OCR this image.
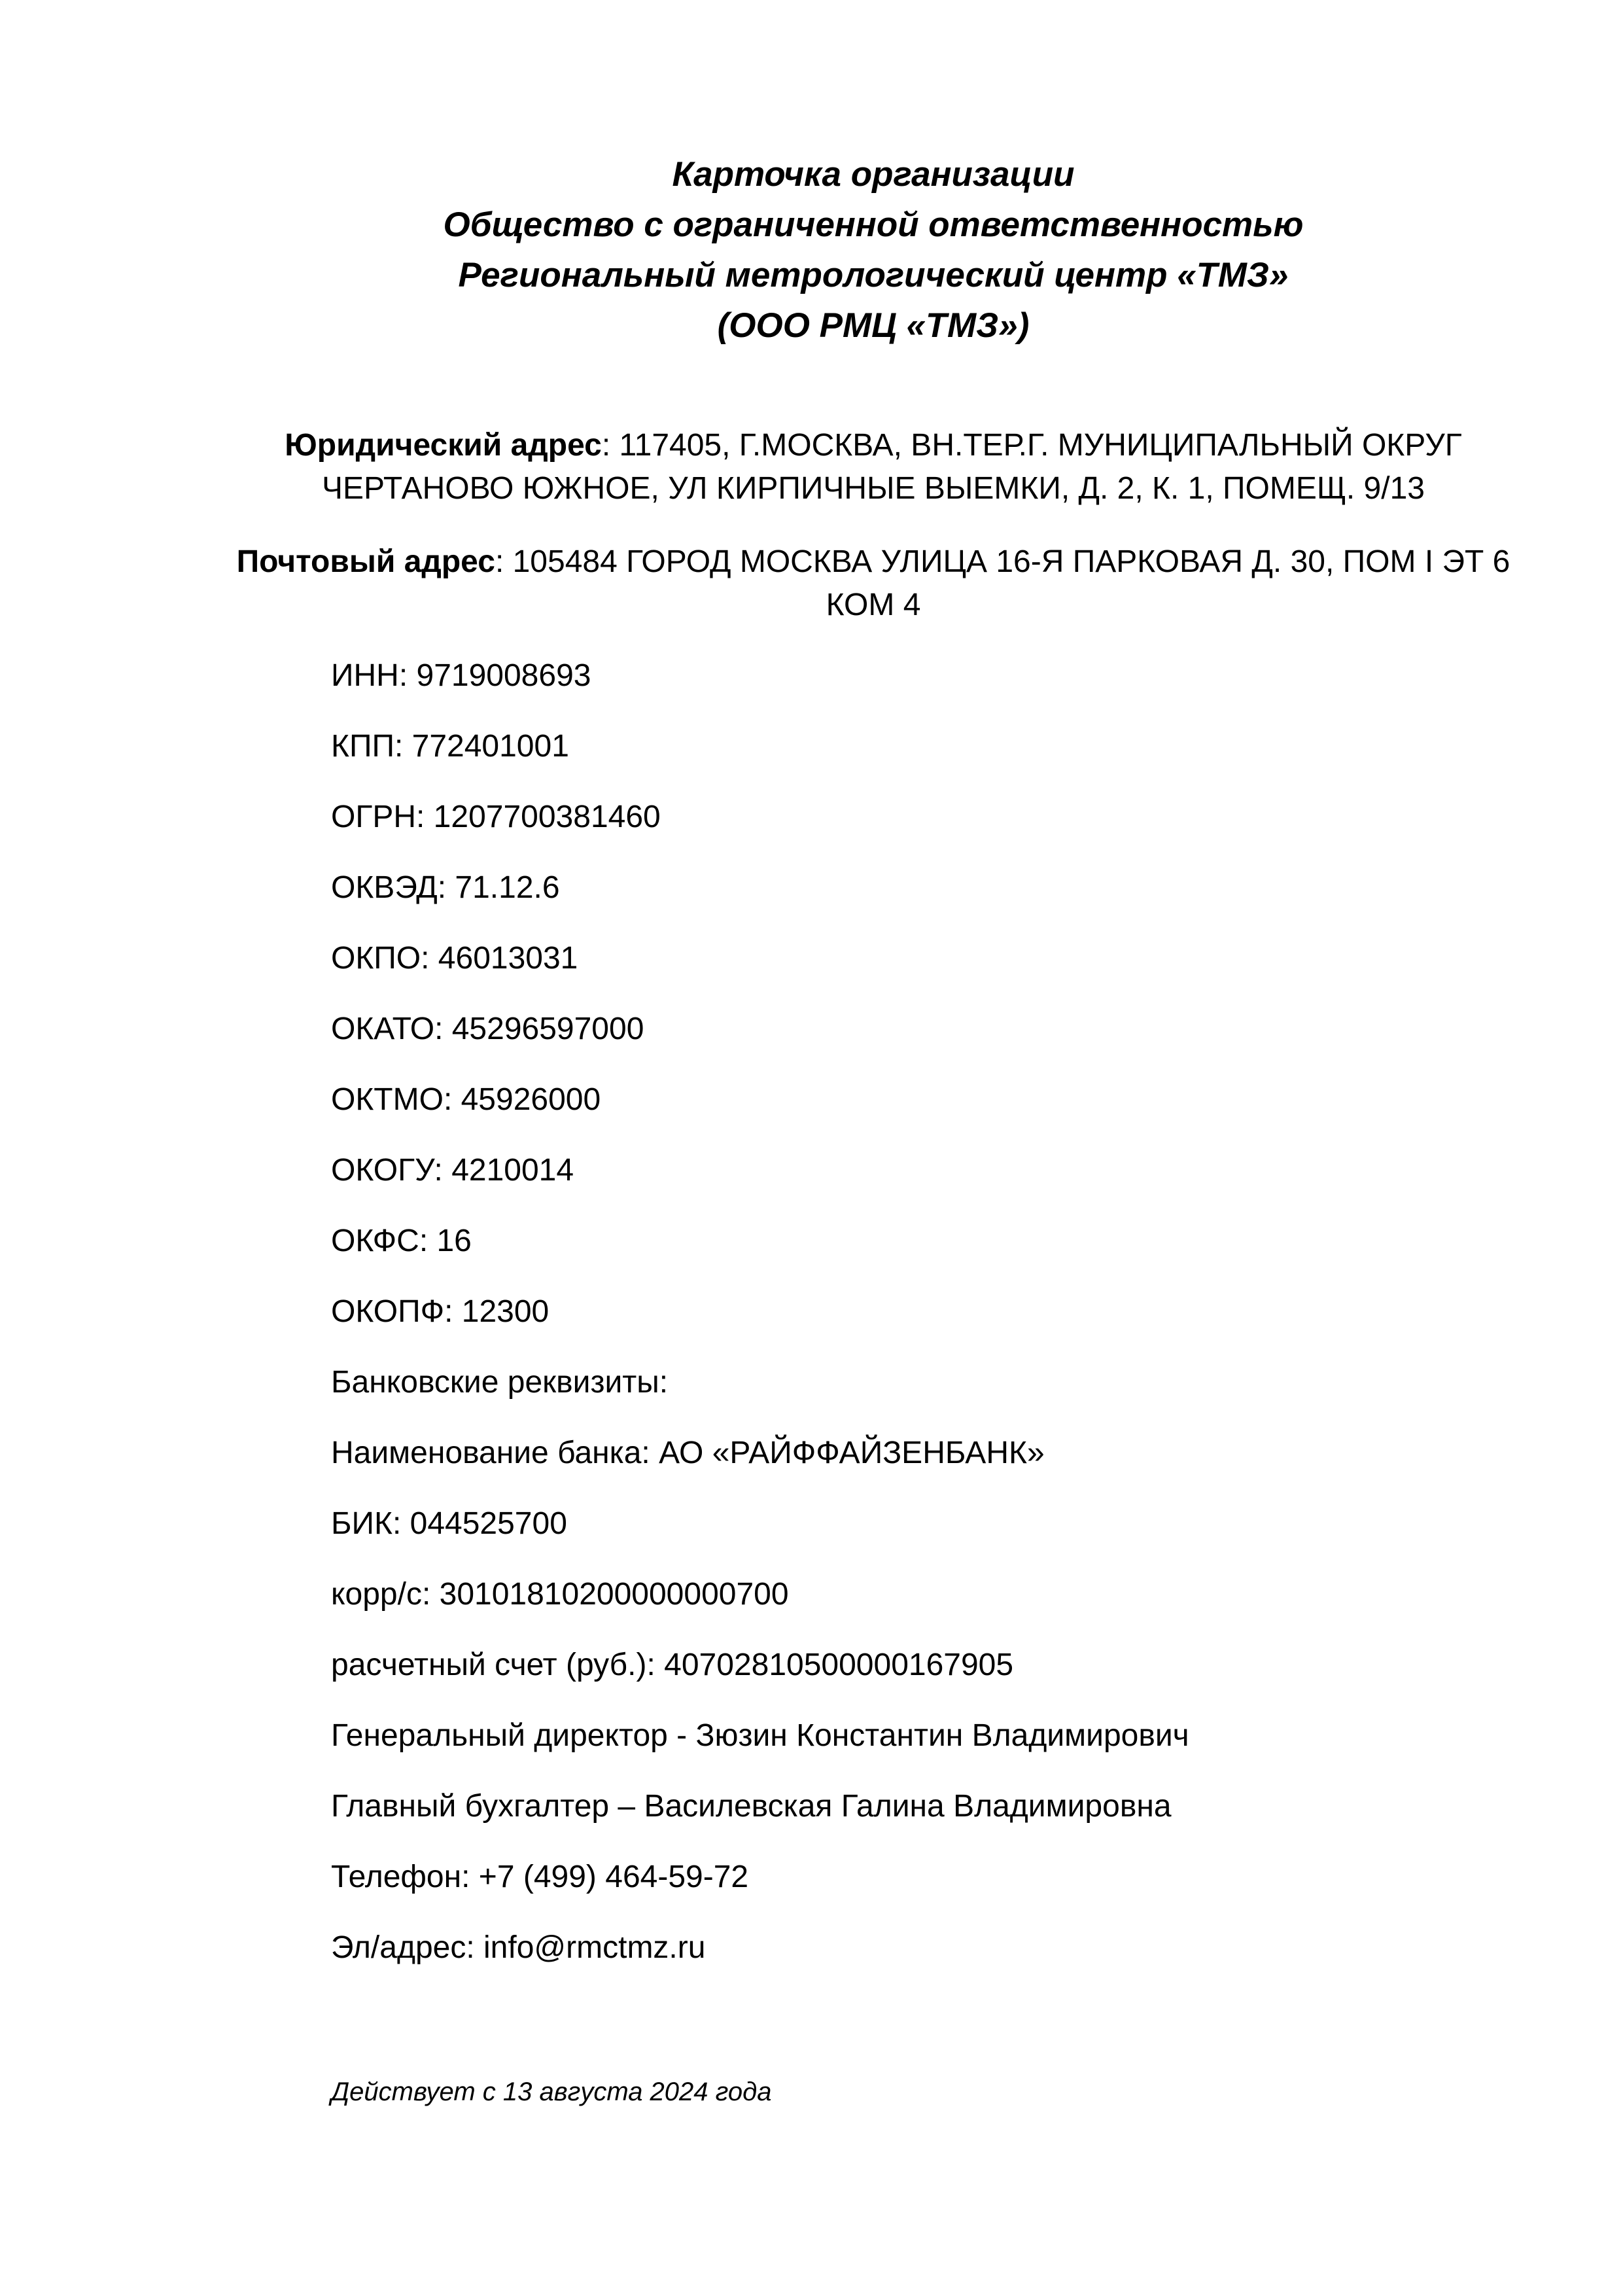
Карточка организации
Общество с ограниченной ответственностью
Региональный метрологический центр «ТМЗ»
(ООО РМЦ «ТМЗ»)
Юридический адрес: 117405, Г.МОСКВА, ВН.ТЕР.Г. МУНИЦИПАЛЬНЫЙ ОКРУГ ЧЕРТАНОВО ЮЖНОЕ, УЛ КИРПИЧНЫЕ ВЫЕМКИ, Д. 2, К. 1, ПОМЕЩ. 9/13
Почтовый адрес: 105484 ГОРОД МОСКВА УЛИЦА 16-Я ПАРКОВАЯ Д. 30, ПОМ I ЭТ 6 КОМ 4
ИНН: 9719008693
КПП: 772401001
ОГРН: 1207700381460
ОКВЭД: 71.12.6
ОКПО: 46013031
ОКАТО: 45296597000
ОКТМО: 45926000
ОКОГУ: 4210014
ОКФС: 16
ОКОПФ: 12300
Банковские реквизиты:
Наименование банка: АО «РАЙФФАЙЗЕНБАНК»
БИК: 044525700
корр/с: 30101810200000000700
расчетный счет (руб.): 40702810500000167905
Генеральный директор - Зюзин Константин Владимирович
Главный бухгалтер – Василевская Галина Владимировна
Телефон: +7 (499) 464-59-72
Эл/адрес: info@rmctmz.ru
Действует с 13 августа 2024 года
